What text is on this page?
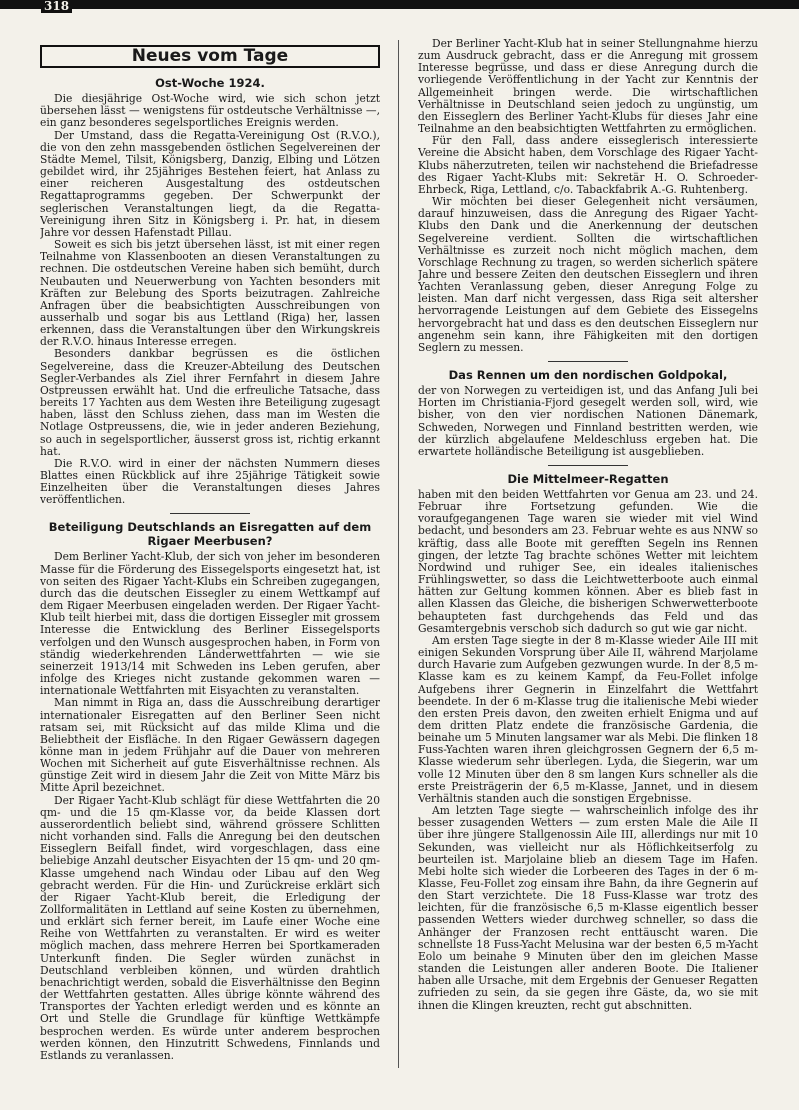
318
Neues vom Tage
Ost-Woche 1924.

Die diesjährige Ost-Woche wird, wie sich schon jetzt übersehen lässt — wenigstens für ostdeutsche Verhältnisse —, ein ganz besonderes segelsportliches Ereignis werden.

Der Umstand, dass die Regatta-Vereinigung Ost (R.V.O.), die von den zehn massgebenden östlichen Segelvereinen der Städte Memel, Tilsit, Königsberg, Danzig, Elbing und Lötzen gebildet wird, ihr 25jähriges Bestehen feiert, hat Anlass zu einer reicheren Ausgestaltung des ostdeutschen Regattaprogramms gegeben. Der Schwerpunkt der seglerischen Veranstaltungen liegt, da die Regatta-Vereinigung ihren Sitz in Königsberg i. Pr. hat, in diesem Jahre vor dessen Hafenstadt Pillau.

Soweit es sich bis jetzt übersehen lässt, ist mit einer regen Teilnahme von Klassenbooten an diesen Veranstaltungen zu rechnen. Die ostdeutschen Vereine haben sich bemüht, durch Neubauten und Neuerwerbung von Yachten besonders mit Kräften zur Belebung des Sports beizutragen. Zahlreiche Anfragen über die beabsichtigten Ausschreibungen von ausserhalb und sogar bis aus Lettland (Riga) her, lassen erkennen, dass die Veranstaltungen über den Wirkungskreis der R.V.O. hinaus Interesse erregen.

Besonders dankbar begrüssen es die östlichen Segelvereine, dass die Kreuzer-Abteilung des Deutschen Segler-Verbandes als Ziel ihrer Fernfahrt in diesem Jahre Ostpreussen erwählt hat. Und die erfreuliche Tatsache, dass bereits 17 Yachten aus dem Westen ihre Beteiligung zugesagt haben, lässt den Schluss ziehen, dass man im Westen die Notlage Ostpreussens, die, wie in jeder anderen Beziehung, so auch in segelsportlicher, äusserst gross ist, richtig erkannt hat.

Die R.V.O. wird in einer der nächsten Nummern dieses Blattes einen Rückblick auf ihre 25jährige Tätigkeit sowie Einzelheiten über die Veranstaltungen dieses Jahres veröffentlichen.

Beteiligung Deutschlands an Eisregatten auf dem Rigaer Meerbusen?

Dem Berliner Yacht-Klub, der sich von jeher im besonderen Masse für die Förderung des Eissegelsports eingesetzt hat, ist von seiten des Rigaer Yacht-Klubs ein Schreiben zugegangen, durch das die deutschen Eissegler zu einem Wettkampf auf dem Rigaer Meerbusen eingeladen werden. Der Rigaer Yacht-Klub teilt hierbei mit, dass die dortigen Eissegler mit grossem Interesse die Entwicklung des Berliner Eissegelsports verfolgen und den Wunsch ausgesprochen haben, in Form von ständig wiederkehrenden Länderwettfahrten — wie sie seinerzeit 1913/14 mit Schweden ins Leben gerufen, aber infolge des Krieges nicht zustande gekommen waren — internationale Wettfahrten mit Eisyachten zu veranstalten.

Man nimmt in Riga an, dass die Ausschreibung derartiger internationaler Eisregatten auf den Berliner Seen nicht ratsam sei, mit Rücksicht auf das milde Klima und die Beliebtheit der Eisfläche. In den Rigaer Gewässern dagegen könne man in jedem Frühjahr auf die Dauer von mehreren Wochen mit Sicherheit auf gute Eisverhältnisse rechnen. Als günstige Zeit wird in diesem Jahr die Zeit von Mitte März bis Mitte April bezeichnet.

Der Rigaer Yacht-Klub schlägt für diese Wettfahrten die 20 qm- und die 15 qm-Klasse vor, da beide Klassen dort ausserordentlich beliebt sind, während grössere Schlitten nicht vorhanden sind. Falls die Anregung bei den deutschen Eisseglern Beifall findet, wird vorgeschlagen, dass eine beliebige Anzahl deutscher Eisyachten der 15 qm- und 20 qm-Klasse umgehend nach Windau oder Libau auf den Weg gebracht werden. Für die Hin- und Zurückreise erklärt sich der Rigaer Yacht-Klub bereit, die Erledigung der Zollformalitäten in Lettland auf seine Kosten zu übernehmen, und erklärt sich ferner bereit, im Laufe einer Woche eine Reihe von Wettfahrten zu veranstalten. Er wird es weiter möglich machen, dass mehrere Herren bei Sportkameraden Unterkunft finden. Die Segler würden zunächst in Deutschland verbleiben können, und würden drahtlich benachrichtigt werden, sobald die Eisverhältnisse den Beginn der Wettfahrten gestatten. Alles übrige könnte während des Transportes der Yachten erledigt werden und es könnte an Ort und Stelle die Grundlage für künftige Wettkämpfe besprochen werden. Es würde unter anderem besprochen werden können, den Hinzutritt Schwedens, Finnlands und Estlands zu veranlassen.

Der Berliner Yacht-Klub hat in seiner Stellungnahme hierzu zum Ausdruck gebracht, dass er die Anregung mit grossem Interesse begrüsse, und dass er diese Anregung durch die vorliegende Veröffentlichung in der Yacht zur Kenntnis der Allgemeinheit bringen werde. Die wirtschaftlichen Verhältnisse in Deutschland seien jedoch zu ungünstig, um den Eisseglern des Berliner Yacht-Klubs für dieses Jahr eine Teilnahme an den beabsichtigten Wettfahrten zu ermöglichen.

Für den Fall, dass andere eisseglerisch interessierte Vereine die Absicht haben, dem Vorschlage des Rigaer Yacht-Klubs näherzutreten, teilen wir nachstehend die Briefadresse des Rigaer Yacht-Klubs mit: Sekretär H. O. Schroeder-Ehrbeck, Riga, Lettland, c/o. Tabackfabrik A.-G. Ruhtenberg.

Wir möchten bei dieser Gelegenheit nicht versäumen, darauf hinzuweisen, dass die Anregung des Rigaer Yacht-Klubs den Dank und die Anerkennung der deutschen Segelvereine verdient. Sollten die wirtschaftlichen Verhältnisse es zurzeit noch nicht möglich machen, dem Vorschlage Rechnung zu tragen, so werden sicherlich spätere Jahre und bessere Zeiten den deutschen Eisseglern und ihren Yachten Veranlassung geben, dieser Anregung Folge zu leisten. Man darf nicht vergessen, dass Riga seit altersher hervorragende Leistungen auf dem Gebiete des Eissegelns hervorgebracht hat und dass es den deutschen Eisseglern nur angenehm sein kann, ihre Fähigkeiten mit den dortigen Seglern zu messen.

Das Rennen um den nordischen Goldpokal,

der von Norwegen zu verteidigen ist, und das Anfang Juli bei Horten im Christiania-Fjord gesegelt werden soll, wird, wie bisher, von den vier nordischen Nationen Dänemark, Schweden, Norwegen und Finnland bestritten werden, wie der kürzlich abgelaufene Meldeschluss ergeben hat. Die erwartete holländische Beteiligung ist ausgeblieben.

Die Mittelmeer-Regatten

haben mit den beiden Wettfahrten vor Genua am 23. und 24. Februar ihre Fortsetzung gefunden. Wie die voraufgegangenen Tage waren sie wieder mit viel Wind bedacht, und besonders am 23. Februar wehte es aus NNW so kräftig, dass alle Boote mit gerefften Segeln ins Rennen gingen, der letzte Tag brachte schönes Wetter mit leichtem Nordwind und ruhiger See, ein ideales italienisches Frühlingswetter, so dass die Leichtwetterboote auch einmal hätten zur Geltung kommen können. Aber es blieb fast in allen Klassen das Gleiche, die bisherigen Schwerwetterboote behaupteten fast durchgehends das Feld und das Gesamtergebnis verschob sich dadurch so gut wie gar nicht.

Am ersten Tage siegte in der 8 m-Klasse wieder Aile III mit einigen Sekunden Vorsprung über Aile II, während Marjolame durch Havarie zum Aufgeben gezwungen wurde. In der 8,5 m-Klasse kam es zu keinem Kampf, da Feu-Follet infolge Aufgebens ihrer Gegnerin in Einzelfahrt die Wettfahrt beendete. In der 6 m-Klasse trug die italienische Mebi wieder den ersten Preis davon, den zweiten erhielt Enigma und auf dem dritten Platz endete die französische Gardenia, die beinahe um 5 Minuten langsamer war als Mebi. Die flinken 18 Fuss-Yachten waren ihren gleichgrossen Gegnern der 6,5 m-Klasse wiederum sehr überlegen. Lyda, die Siegerin, war um volle 12 Minuten über den 8 sm langen Kurs schneller als die erste Preisträgerin der 6,5 m-Klasse, Jannet, und in diesem Verhältnis standen auch die sonstigen Ergebnisse.

Am letzten Tage siegte — wahrscheinlich infolge des ihr besser zusagenden Wetters — zum ersten Male die Aile II über ihre jüngere Stallgenossin Aile III, allerdings nur mit 10 Sekunden, was vielleicht nur als Höflichkeitserfolg zu beurteilen ist. Marjolaine blieb an diesem Tage im Hafen. Mebi holte sich wieder die Lorbeeren des Tages in der 6 m-Klasse, Feu-Follet zog einsam ihre Bahn, da ihre Gegnerin auf den Start verzichtete. Die 18 Fuss-Klasse war trotz des leichten, für die französische 6,5 m-Klasse eigentlich besser passenden Wetters wieder durchweg schneller, so dass die Anhänger der Franzosen recht enttäuscht waren. Die schnellste 18 Fuss-Yacht Melusina war der besten 6,5 m-Yacht Eolo um beinahe 9 Minuten über den im gleichen Masse standen die Leistungen aller anderen Boote. Die Italiener haben alle Ursache, mit dem Ergebnis der Genueser Regatten zufrieden zu sein, da sie gegen ihre Gäste, da, wo sie mit ihnen die Klingen kreuzten, recht gut abschnitten.
